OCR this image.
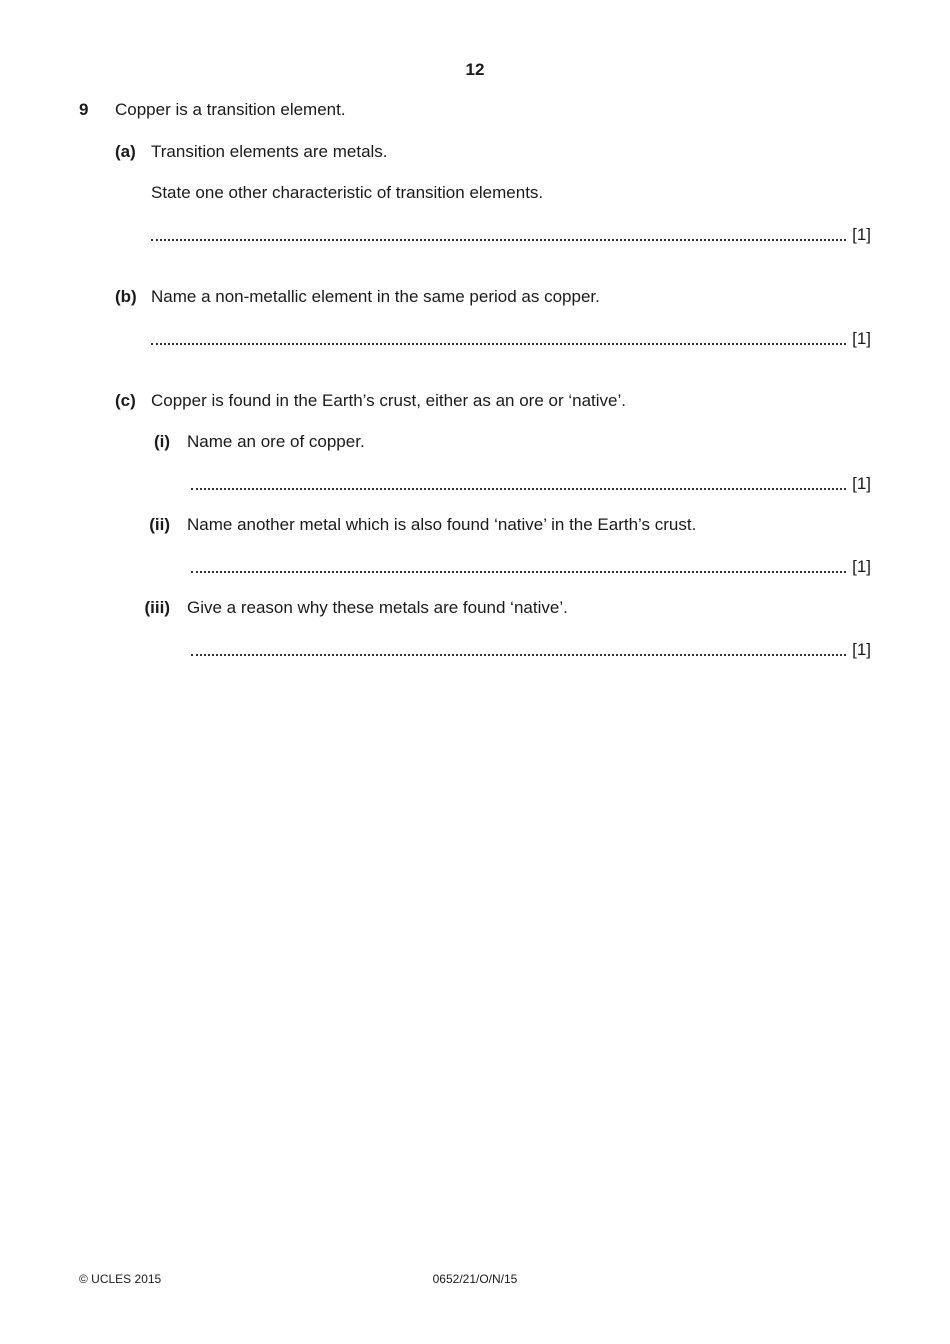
12
9 Copper is a transition element.
(a) Transition elements are metals.
State one other characteristic of transition elements.
[1]
(b) Name a non-metallic element in the same period as copper.
[1]
(c) Copper is found in the Earth’s crust, either as an ore or ‘native’.
(i) Name an ore of copper.
[1]
(ii) Name another metal which is also found ‘native’ in the Earth’s crust.
[1]
(iii) Give a reason why these metals are found ‘native’.
[1]
© UCLES 2015	0652/21/O/N/15
